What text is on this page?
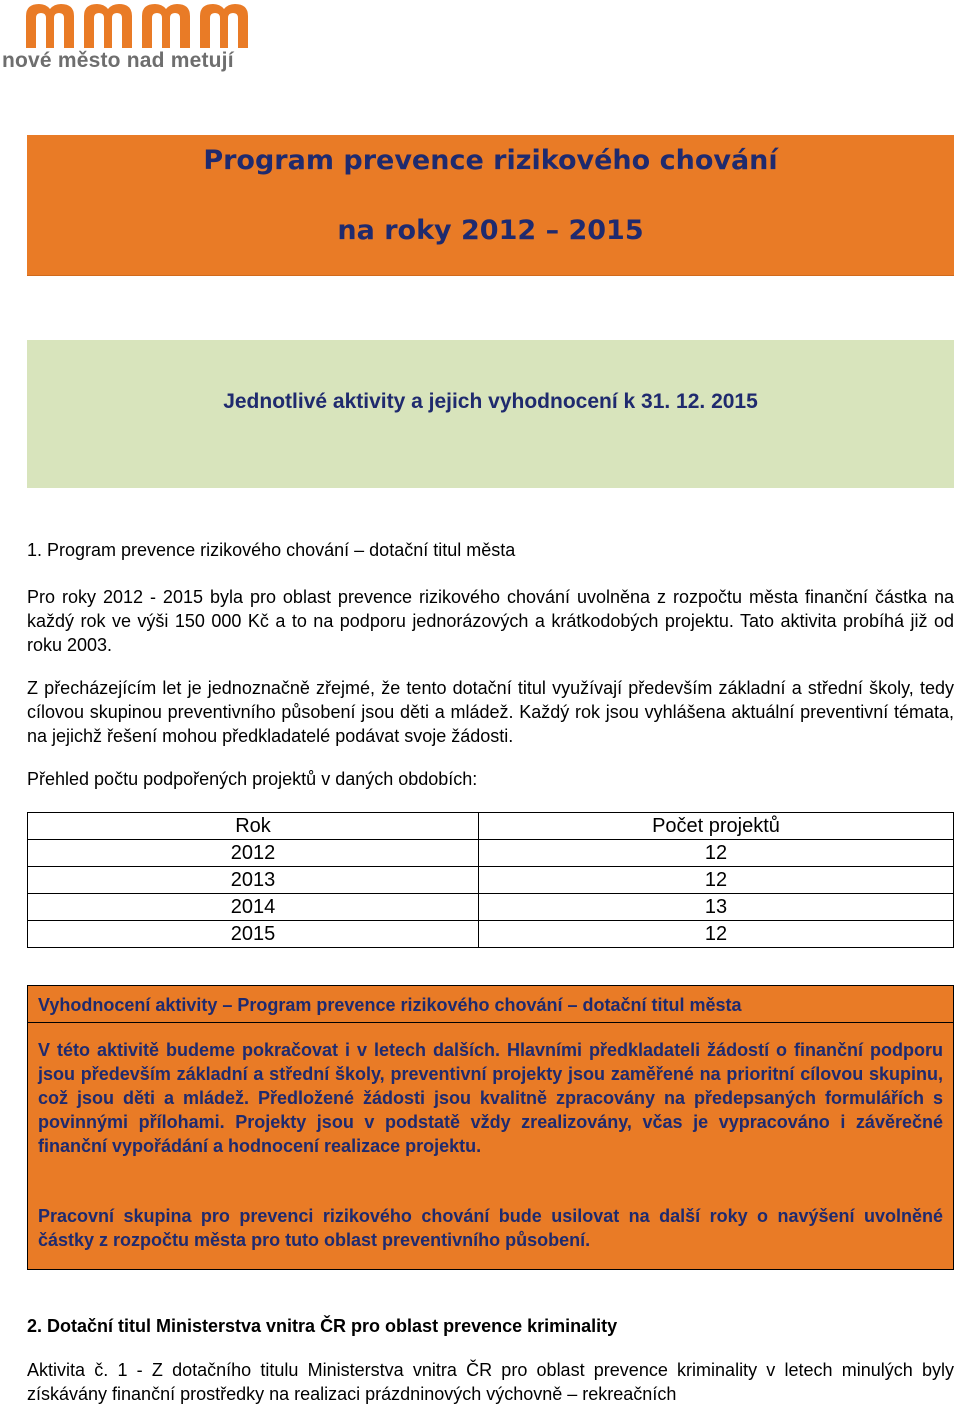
nové město nad metují
Program prevence rizikového chování
na roky 2012 – 2015
Jednotlivé aktivity a jejich vyhodnocení k 31. 12. 2015
1. Program prevence rizikového chování – dotační titul města
Pro roky 2012 - 2015 byla pro oblast prevence rizikového chování uvolněna z rozpočtu města finanční částka na každý rok ve výši 150 000 Kč a to na podporu jednorázových a krátkodobých projektu. Tato aktivita probíhá již od roku 2003.
Z přecházejícím let je jednoznačně zřejmé, že tento dotační titul využívají především základní a střední školy, tedy cílovou skupinou preventivního působení jsou děti a mládež. Každý rok jsou vyhlášena aktuální preventivní témata, na jejichž řešení mohou předkladatelé podávat svoje žádosti.
Přehled počtu podpořených projektů v daných obdobích:
Rok	Počet projektů
2012	12
2013	12
2014	13
2015	12
Vyhodnocení aktivity – Program prevence rizikového chování – dotační titul města
V této aktivitě budeme pokračovat i v letech dalších. Hlavními předkladateli žádostí o finanční podporu jsou především základní a střední školy, preventivní projekty jsou zaměřené na prioritní cílovou skupinu, což jsou děti a mládež. Předložené žádosti jsou kvalitně zpracovány na předepsaných formulářích s povinnými přílohami. Projekty jsou v podstatě vždy zrealizovány, včas je vypracováno i závěrečné finanční vypořádání a hodnocení realizace projektu.
Pracovní skupina pro prevenci rizikového chování bude usilovat na další roky o navýšení uvolněné částky z rozpočtu města pro tuto oblast preventivního působení.
2. Dotační titul Ministerstva vnitra ČR pro oblast prevence kriminality
Aktivita č. 1 - Z dotačního titulu Ministerstva vnitra ČR pro oblast prevence kriminality v letech minulých byly získávány finanční prostředky na realizaci prázdninových výchovně – rekreačních
